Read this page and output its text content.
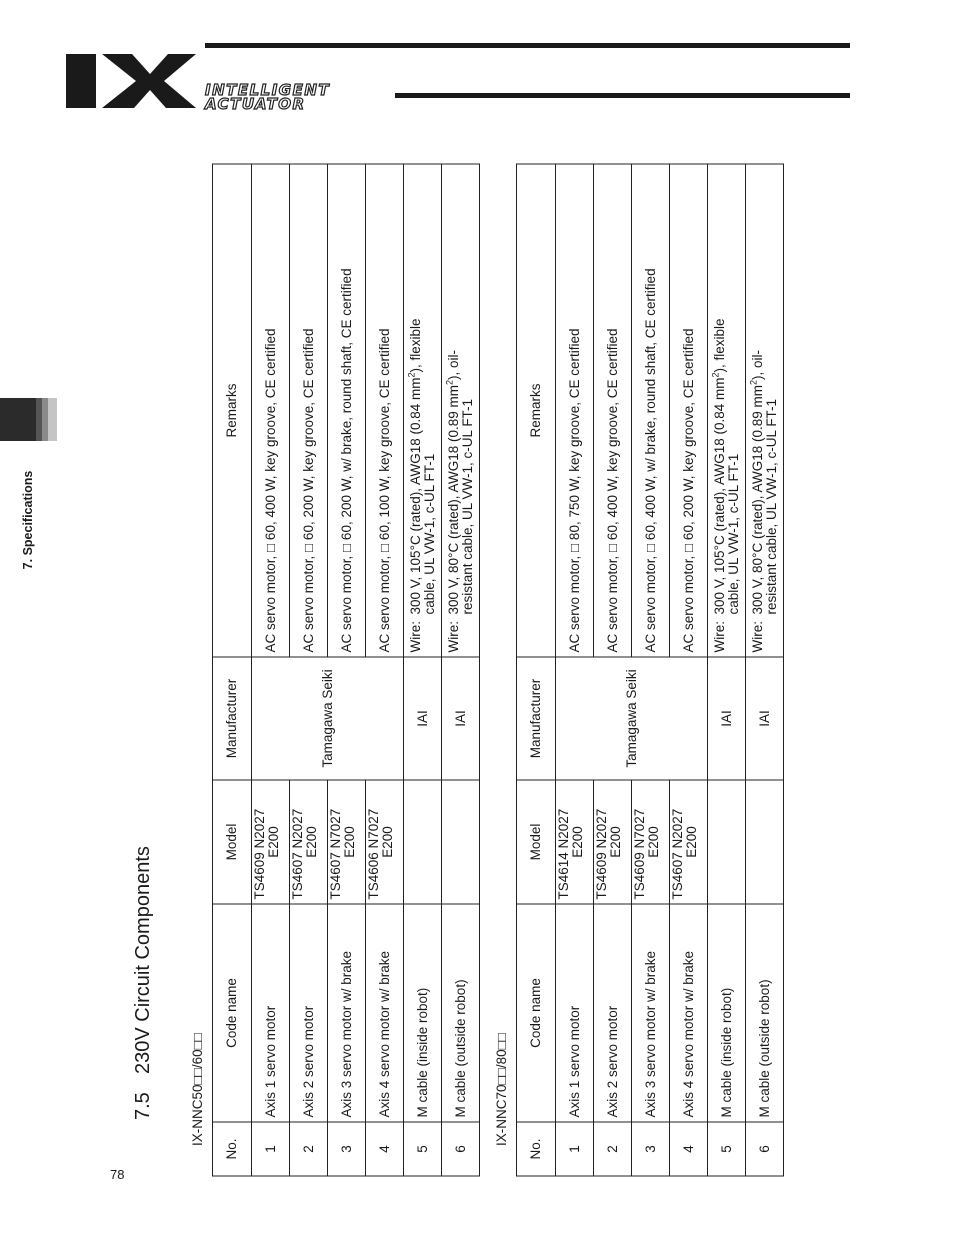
INTELLIGENT
ACTUATOR
7. Specifications
7.5
230V Circuit Components
IX-NNC50□□/60□□
No.	Code name	Model	Manufacturer	Remarks
1	Axis 1 servo motor	TS4609 N2027 E200	Tamagawa Seiki	AC servo motor, □ 60, 400 W, key groove, CE certified
2	Axis 2 servo motor	TS4607 N2027 E200		AC servo motor, □ 60, 200 W, key groove, CE certified
3	Axis 3 servo motor w/ brake	TS4607 N7027 E200		AC servo motor, □ 60, 200 W, w/ brake, round shaft, CE certified
4	Axis 4 servo motor w/ brake	TS4606 N7027 E200		AC servo motor, □ 60, 100 W, key groove, CE certified
5	M cable (inside robot)		IAI	Wire:300 V, 105°C (rated), AWG18 (0.84 $mm^2$), flexible cable, UL VW-1, c-UL FT-1
6	M cable (outside robot)		IAI	Wire:300 V, 80°C (rated), AWG18 (0.89 $mm^2$), oil-resistant cable, UL VW-1, c-UL FT-1
IX-NNC70□□/80□□
No.	Code name	Model	Manufacturer	Remarks
1	Axis 1 servo motor	TS4614 N2027 E200	Tamagawa Seiki	AC servo motor, □ 80, 750 W, key groove, CE certified
2	Axis 2 servo motor	TS4609 N2027 E200		AC servo motor, □ 60, 400 W, key groove, CE certified
3	Axis 3 servo motor w/ brake	TS4609 N7027 E200		AC servo motor, □ 60, 400 W, w/ brake, round shaft, CE certified
4	Axis 4 servo motor w/ brake	TS4607 N2027 E200		AC servo motor, □ 60, 200 W, key groove, CE certified
5	M cable (inside robot)		IAI	Wire:300 V, 105°C (rated), AWG18 (0.84 $mm^2$), flexible cable, UL VW-1, c-UL FT-1
6	M cable (outside robot)		IAI	Wire:300 V, 80°C (rated), AWG18 (0.89 $mm^2$), oil-resistant cable, UL VW-1, c-UL FT-1
78
